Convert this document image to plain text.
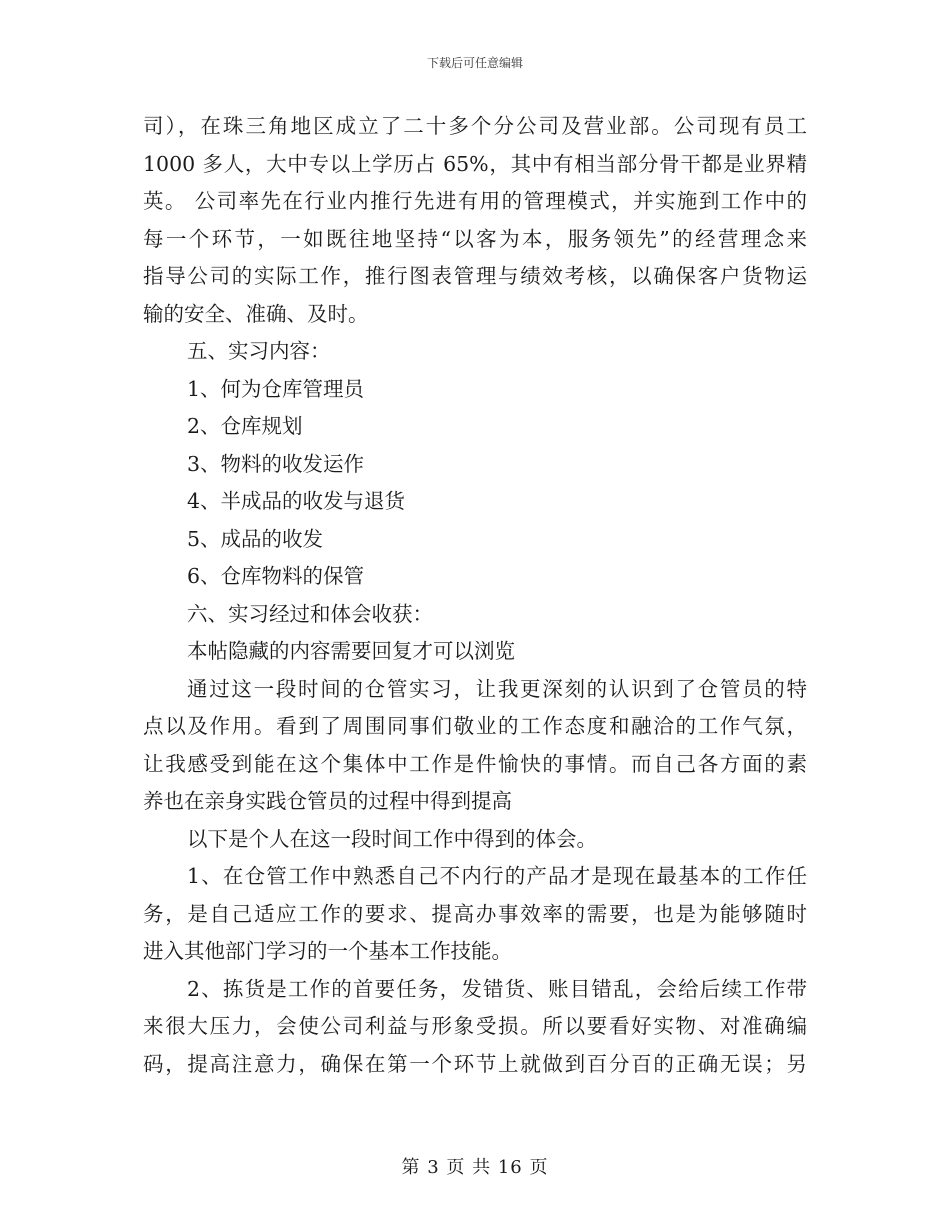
下载后可任意编辑
司），在珠三角地区成立了二十多个分公司及营业部。公司现有员工
1000 多人，大中专以上学历占 65%，其中有相当部分骨干都是业界精
英。 公司率先在行业内推行先进有用的管理模式，并实施到工作中的
每一个环节，一如既往地坚持“以客为本，服务领先”的经营理念来
指导公司的实际工作，推行图表管理与绩效考核，以确保客户货物运
输的安全、准确、及时。
五、实习内容：
1、何为仓库管理员
2、仓库规划
3、物料的收发运作
4、半成品的收发与退货
5、成品的收发
6、仓库物料的保管
六、实习经过和体会收获：
本帖隐藏的内容需要回复才可以浏览
通过这一段时间的仓管实习，让我更深刻的认识到了仓管员的特
点以及作用。看到了周围同事们敬业的工作态度和融洽的工作气氛，
让我感受到能在这个集体中工作是件愉快的事情。而自己各方面的素
养也在亲身实践仓管员的过程中得到提高
以下是个人在这一段时间工作中得到的体会。
1、在仓管工作中熟悉自己不内行的产品才是现在最基本的工作任
务，是自己适应工作的要求、提高办事效率的需要，也是为能够随时
进入其他部门学习的一个基本工作技能。
2、拣货是工作的首要任务，发错货、账目错乱，会给后续工作带
来很大压力，会使公司利益与形象受损。所以要看好实物、对准确编
码，提高注意力，确保在第一个环节上就做到百分百的正确无误；另
第 3 页 共 16 页
